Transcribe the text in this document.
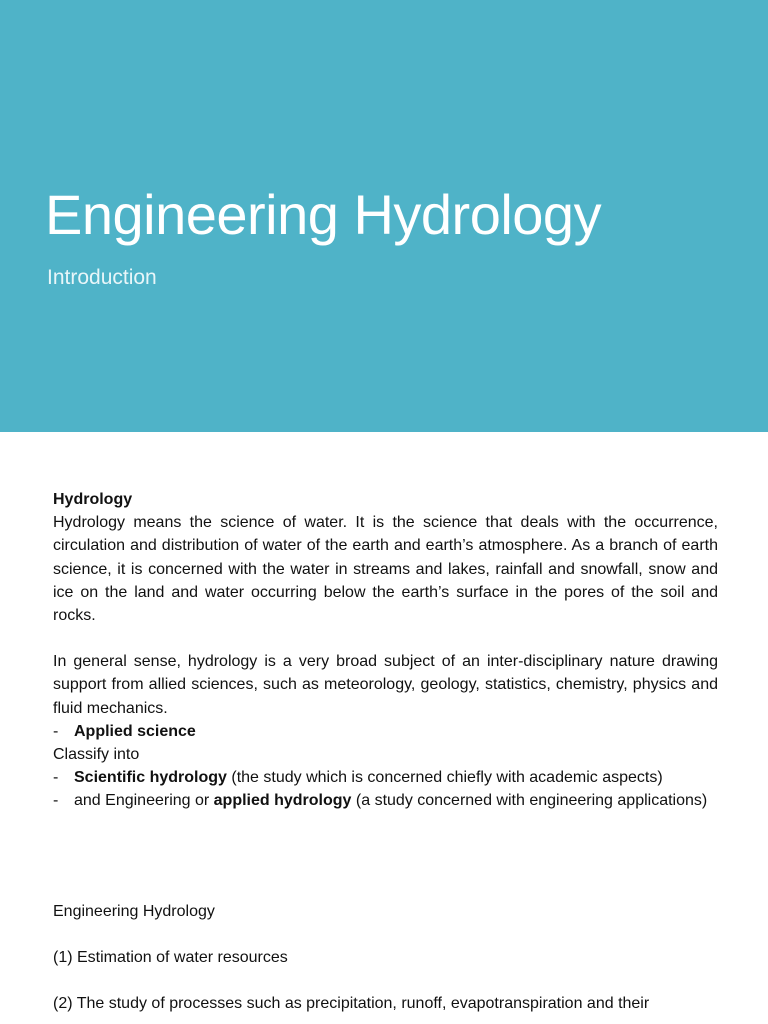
Engineering Hydrology
Introduction

Hydrology

Hydrology means the science of water. It is the science that deals with the occurrence, circulation and distribution of water of the earth and earth’s atmosphere. As a branch of earth science, it is concerned with the water in streams and lakes, rainfall and snowfall, snow and ice on the land and water occurring below the earth’s surface in the pores of the soil and rocks.

In general sense, hydrology is a very broad subject of an inter-disciplinary nature drawing support from allied sciences, such as meteorology, geology, statistics, chemistry, physics and fluid mechanics.

- Applied science

Classify into

- Scientific hydrology (the study which is concerned chiefly with academic aspects)
- and Engineering or applied hydrology (a study concerned with engineering applications)

Engineering Hydrology

(1) Estimation of water resources

(2) The study of processes such as precipitation, runoff, evapotranspiration and their
